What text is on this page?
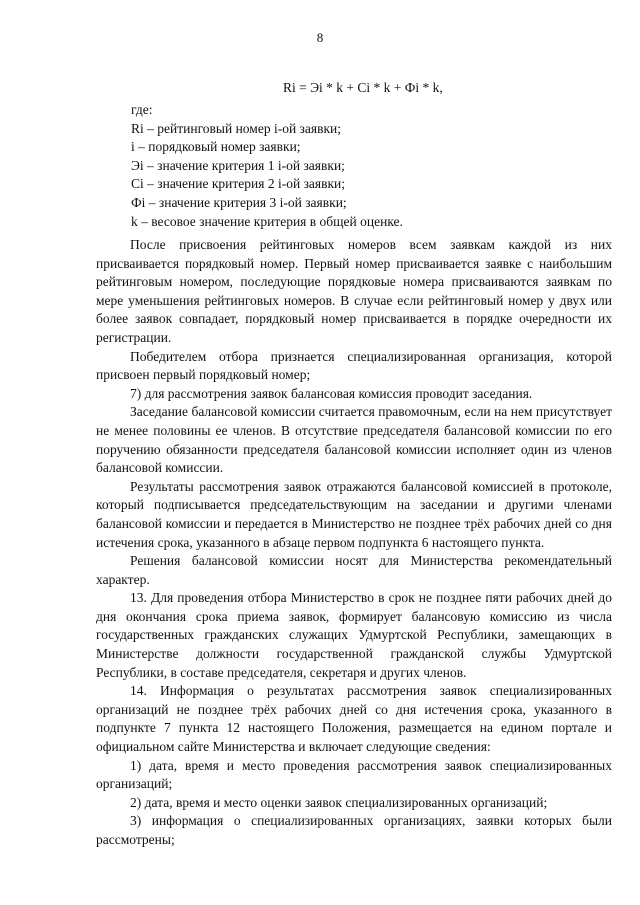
8
Ri = Эi * k + Ci * k + Фi * k,
где:
Ri – рейтинговый номер i-ой заявки;
i – порядковый номер заявки;
Эi – значение критерия 1 i-ой заявки;
Ci – значение критерия 2 i-ой заявки;
Фi – значение критерия 3 i-ой заявки;
k – весовое значение критерия в общей оценке.

После присвоения рейтинговых номеров всем заявкам каждой из них присваивается порядковый номер. Первый номер присваивается заявке с наибольшим рейтинговым номером, последующие порядковые номера присваиваются заявкам по мере уменьшения рейтинговых номеров. В случае если рейтинговый номер у двух или более заявок совпадает, порядковый номер присваивается в порядке очередности их регистрации.

Победителем отбора признается специализированная организация, которой присвоен первый порядковый номер;

7) для рассмотрения заявок балансовая комиссия проводит заседания.

Заседание балансовой комиссии считается правомочным, если на нем присутствует не менее половины ее членов. В отсутствие председателя балансовой комиссии по его поручению обязанности председателя балансовой комиссии исполняет один из членов балансовой комиссии.

Результаты рассмотрения заявок отражаются балансовой комиссией в протоколе, который подписывается председательствующим на заседании и другими членами балансовой комиссии и передается в Министерство не позднее трёх рабочих дней со дня истечения срока, указанного в абзаце первом подпункта 6 настоящего пункта.

Решения балансовой комиссии носят для Министерства рекомендательный характер.

13. Для проведения отбора Министерство в срок не позднее пяти рабочих дней до дня окончания срока приема заявок, формирует балансовую комиссию из числа государственных гражданских служащих Удмуртской Республики, замещающих в Министерстве должности государственной гражданской службы Удмуртской Республики, в составе председателя, секретаря и других членов.

14. Информация о результатах рассмотрения заявок специализированных организаций не позднее трёх рабочих дней со дня истечения срока, указанного в подпункте 7 пункта 12 настоящего Положения, размещается на едином портале и официальном сайте Министерства и включает следующие сведения:

1) дата, время и место проведения рассмотрения заявок специализированных организаций;

2) дата, время и место оценки заявок специализированных организаций;

3) информация о специализированных организациях, заявки которых были рассмотрены;
